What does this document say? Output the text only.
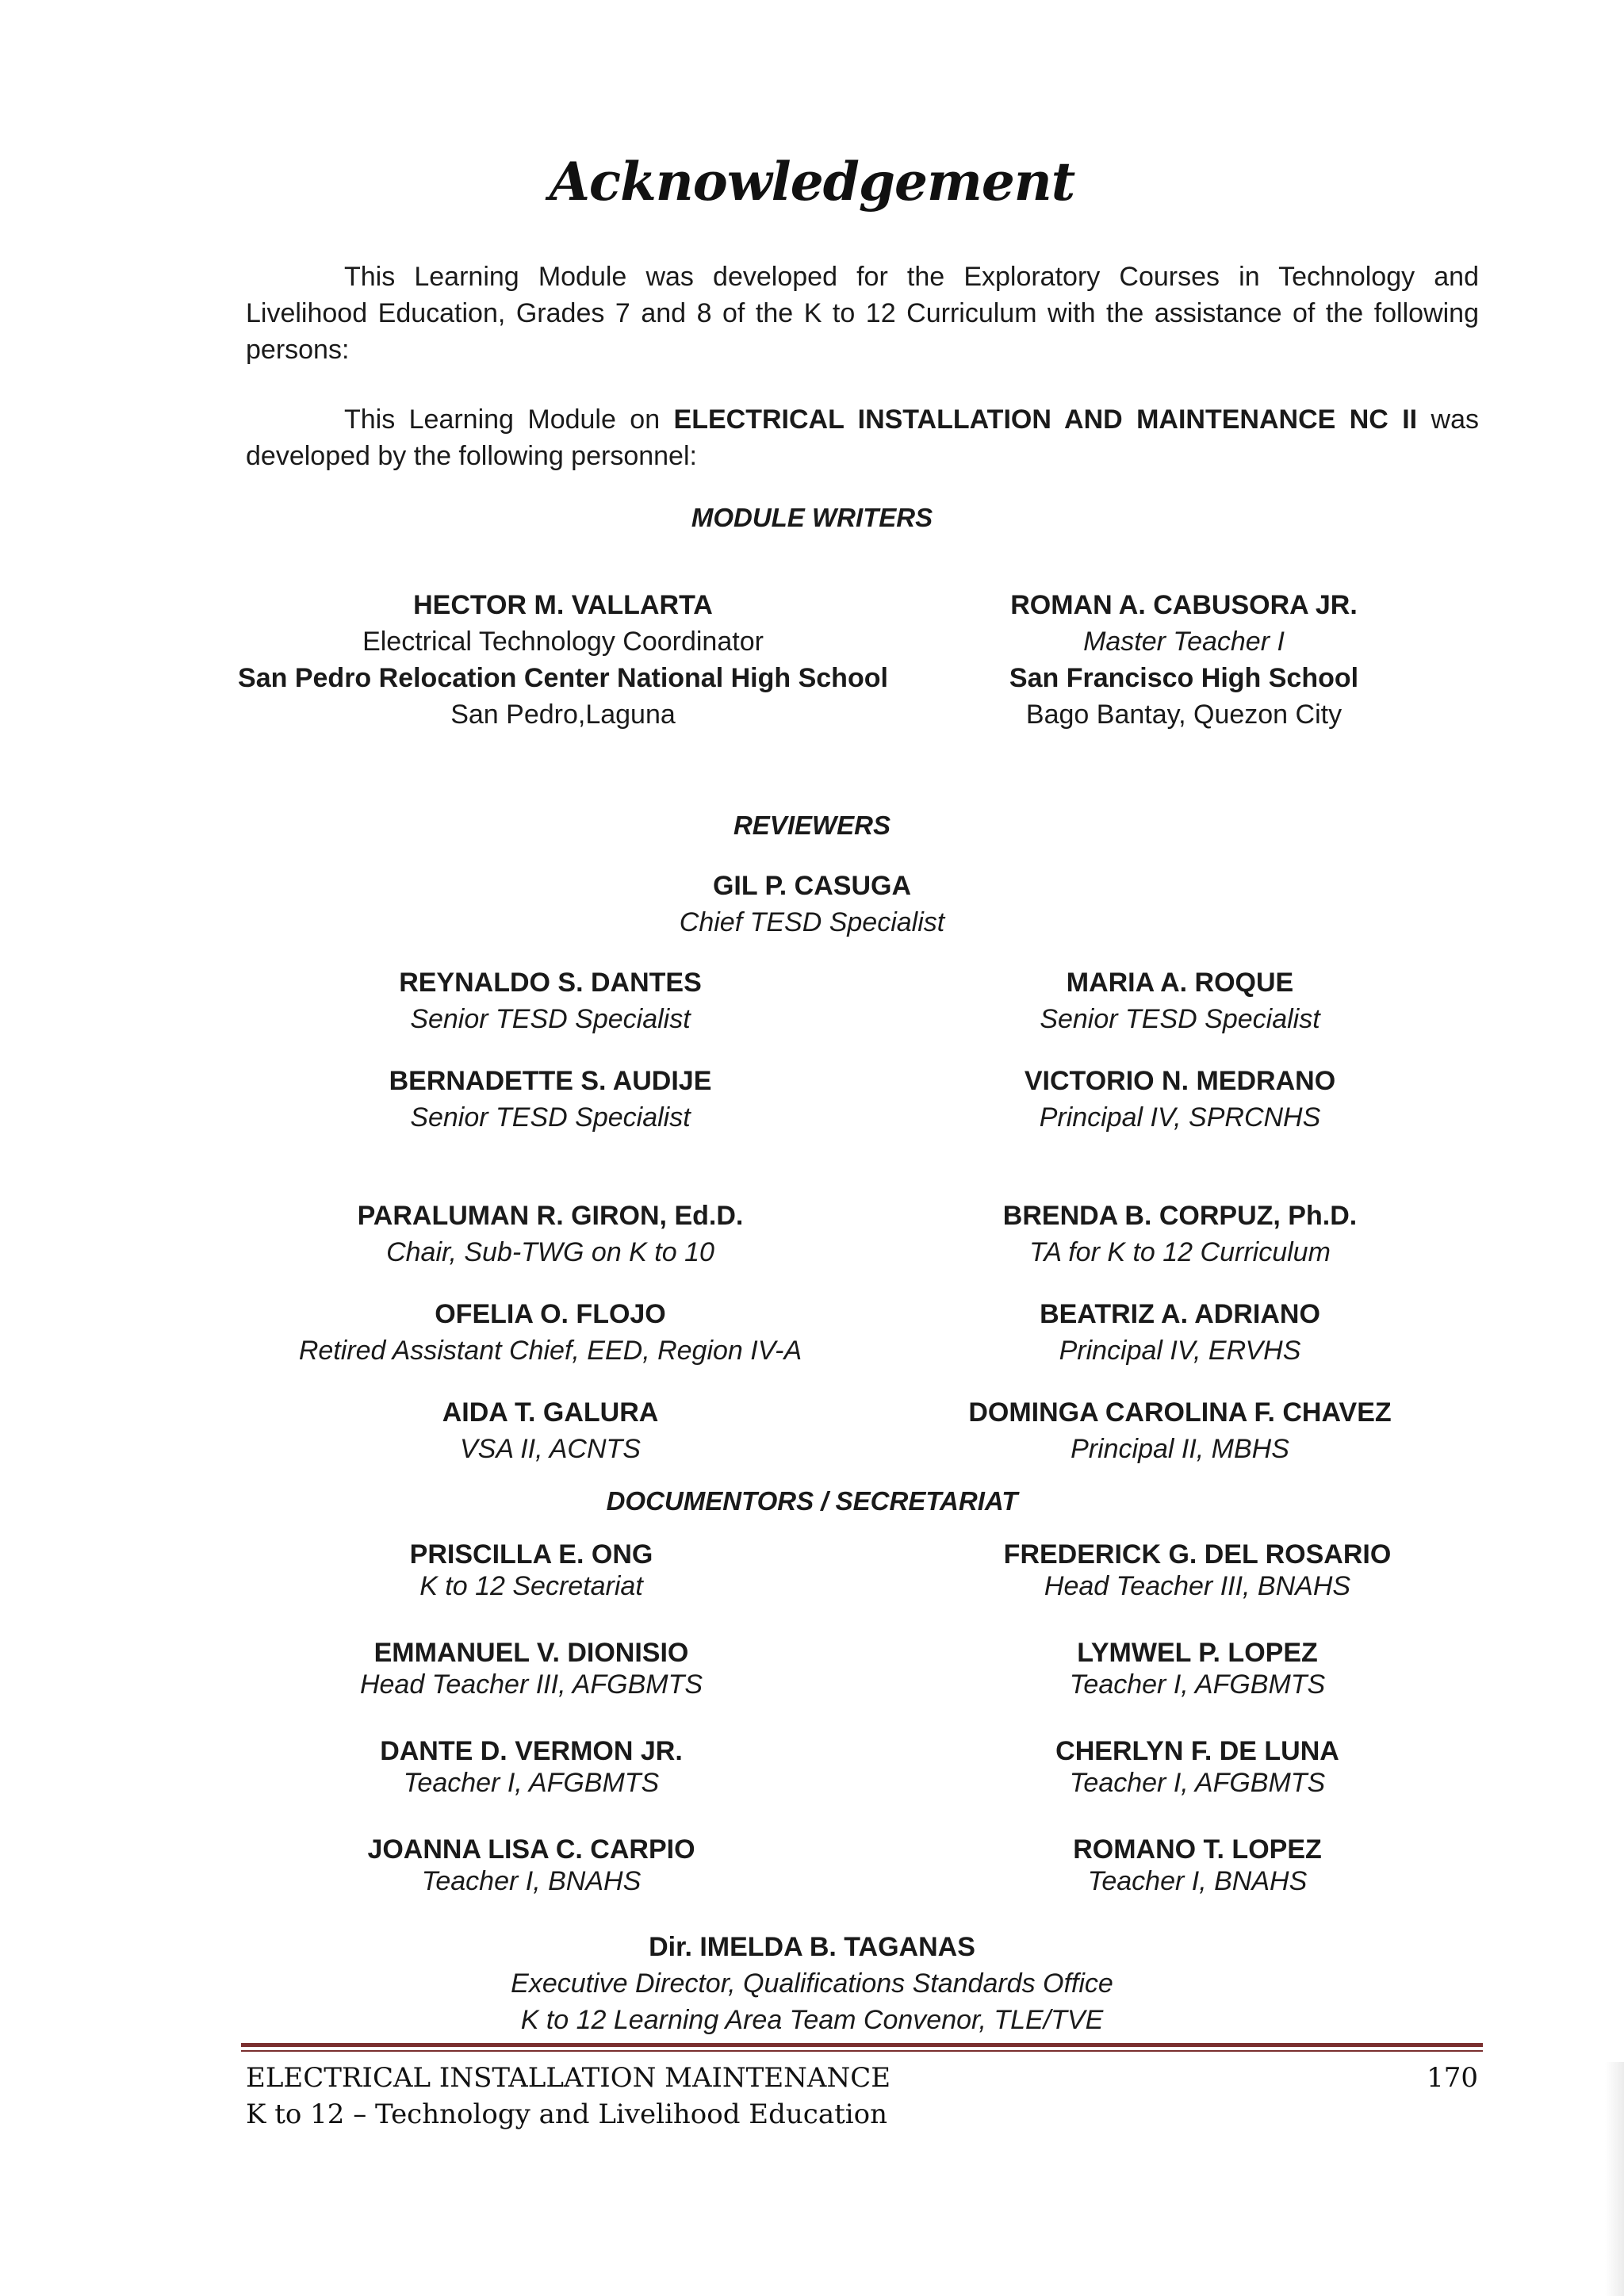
Acknowledgement
This Learning Module was developed for the Exploratory Courses in Technology and Livelihood Education, Grades 7 and 8 of the K to 12 Curriculum with the assistance of the following persons:
This Learning Module on ELECTRICAL INSTALLATION AND MAINTENANCE NC II was developed by the following personnel:
MODULE WRITERS
HECTOR M. VALLARTA
Electrical Technology Coordinator
San Pedro Relocation Center National High School
San Pedro,Laguna
ROMAN A. CABUSORA JR.
Master Teacher I
San Francisco High School
Bago Bantay, Quezon City
REVIEWERS
GIL P. CASUGA
Chief TESD Specialist
REYNALDO S. DANTES
Senior TESD Specialist
MARIA A. ROQUE
Senior TESD Specialist
BERNADETTE S. AUDIJE
Senior TESD Specialist
VICTORIO N. MEDRANO
Principal IV, SPRCNHS
PARALUMAN R. GIRON, Ed.D.
Chair, Sub-TWG on K to 10
BRENDA B. CORPUZ, Ph.D.
TA for K to 12 Curriculum
OFELIA O. FLOJO
Retired Assistant Chief, EED, Region IV-A
BEATRIZ A. ADRIANO
Principal IV, ERVHS
AIDA T. GALURA
VSA II, ACNTS
DOMINGA CAROLINA F. CHAVEZ
Principal II, MBHS
DOCUMENTORS / SECRETARIAT
PRISCILLA E. ONG
K to 12 Secretariat
FREDERICK G. DEL ROSARIO
Head Teacher III, BNAHS
EMMANUEL V. DIONISIO
Head Teacher III, AFGBMTS
LYMWEL P. LOPEZ
Teacher I, AFGBMTS
DANTE D. VERMON JR.
Teacher I, AFGBMTS
CHERLYN F. DE LUNA
Teacher I, AFGBMTS
JOANNA LISA C. CARPIO
Teacher I, BNAHS
ROMANO T. LOPEZ
Teacher I, BNAHS
Dir. IMELDA B. TAGANAS
Executive Director, Qualifications Standards Office
K to 12 Learning Area Team Convenor, TLE/TVE
ELECTRICAL INSTALLATION MAINTENANCE
K to 12 – Technology and Livelihood Education
170
